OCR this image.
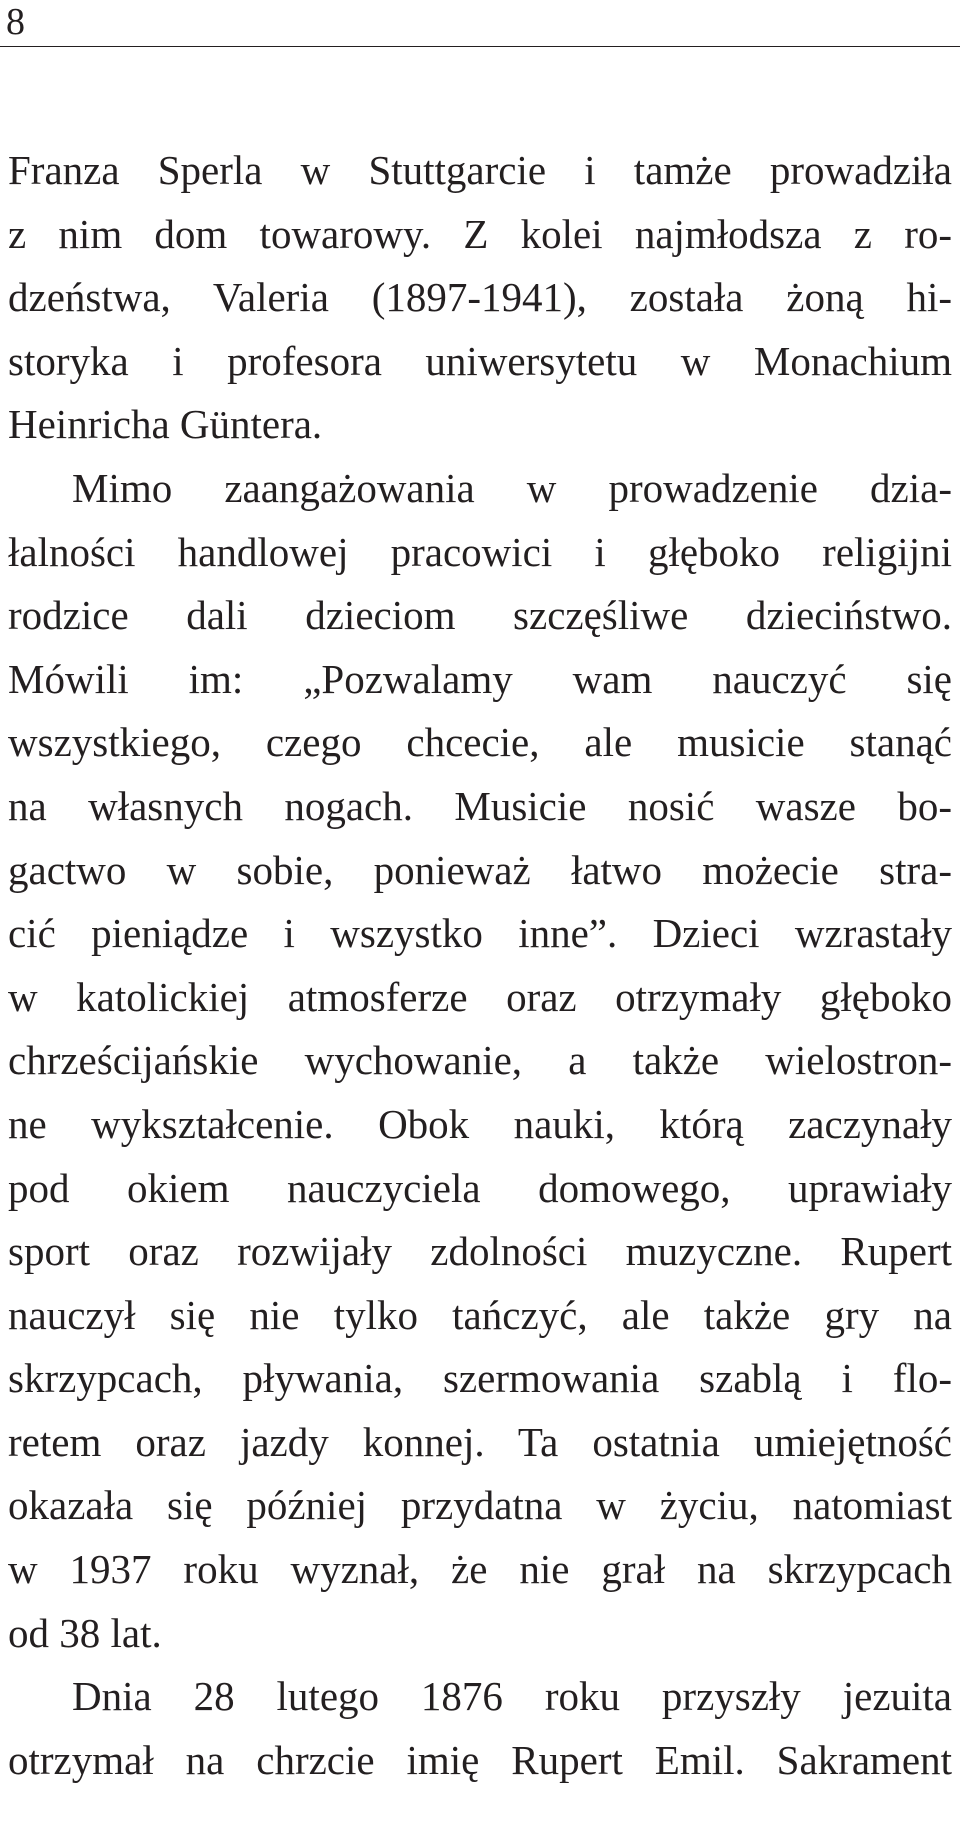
8
Franza Sperla w Stuttgarcie i tamże prowadziła
z nim dom towarowy. Z kolei najmłodsza z ro-
dzeństwa, Valeria (1897-1941), została żoną hi-
storyka i profesora uniwersytetu w Monachium
Heinricha Güntera.
Mimo zaangażowania w prowadzenie dzia-
łalności handlowej pracowici i głęboko religijni
rodzice dali dzieciom szczęśliwe dzieciństwo.
Mówili im: „Pozwalamy wam nauczyć się
wszystkiego, czego chcecie, ale musicie stanąć
na własnych nogach. Musicie nosić wasze bo-
gactwo w sobie, ponieważ łatwo możecie stra-
cić pieniądze i wszystko inne”. Dzieci wzrastały
w katolickiej atmosferze oraz otrzymały głęboko
chrześcijańskie wychowanie, a także wielostron-
ne wykształcenie. Obok nauki, którą zaczynały
pod okiem nauczyciela domowego, uprawiały
sport oraz rozwijały zdolności muzyczne. Rupert
nauczył się nie tylko tańczyć, ale także gry na
skrzypcach, pływania, szermowania szablą i flo-
retem oraz jazdy konnej. Ta ostatnia umiejętność
okazała się później przydatna w życiu, natomiast
w 1937 roku wyznał, że nie grał na skrzypcach
od 38 lat.
Dnia 28 lutego 1876 roku przyszły jezuita
otrzymał na chrzcie imię Rupert Emil. Sakrament
